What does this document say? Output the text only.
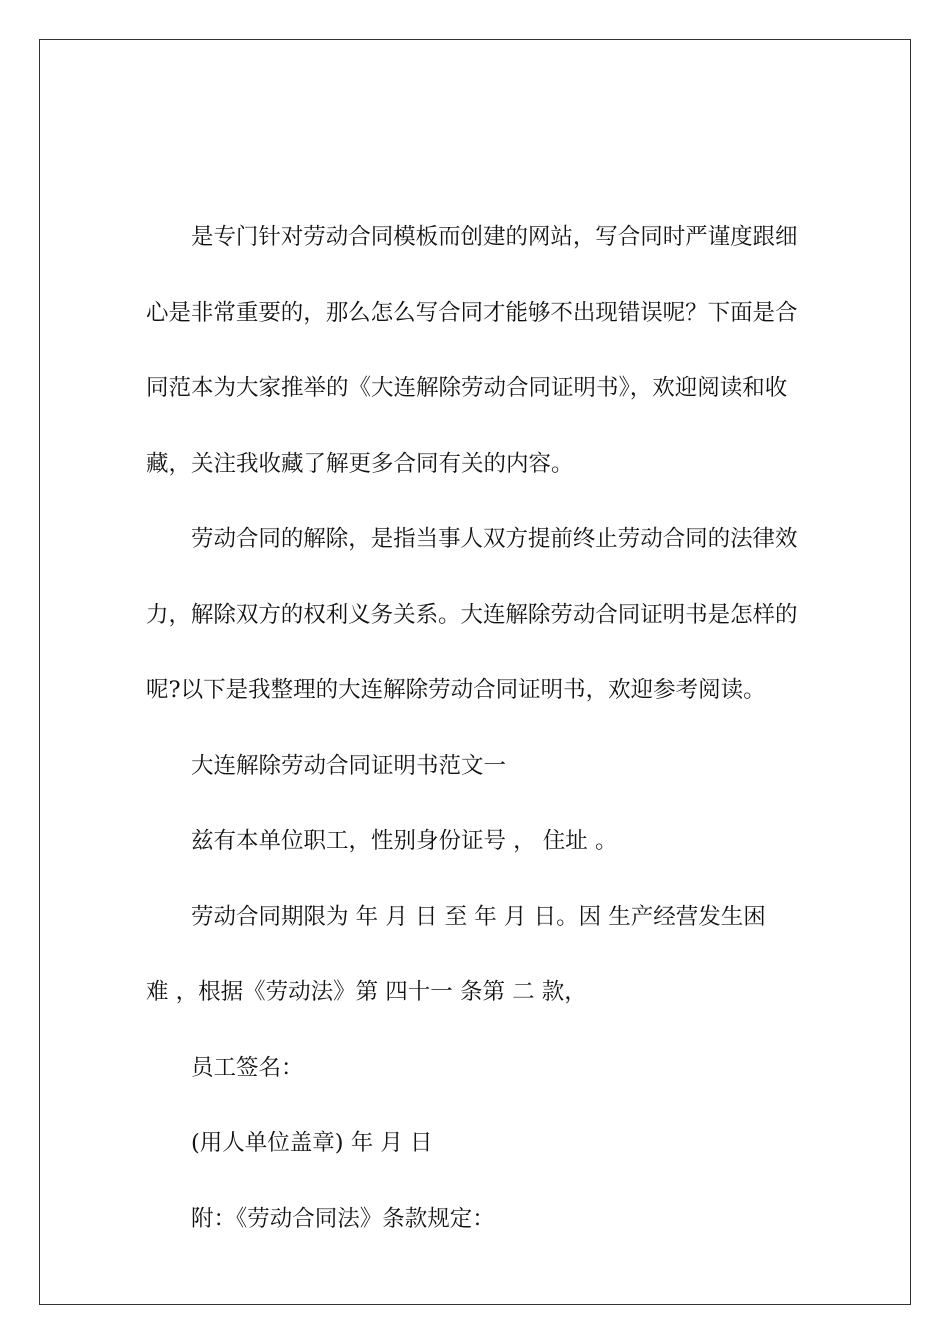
是专门针对劳动合同模板而创建的网站，写合同时严谨度跟细
心是非常重要的，那么怎么写合同才能够不出现错误呢？下面是合
同范本为大家推举的《大连解除劳动合同证明书》，欢迎阅读和收
藏，关注我收藏了解更多合同有关的内容。
劳动合同的解除，是指当事人双方提前终止劳动合同的法律效
力，解除双方的权利义务关系。大连解除劳动合同证明书是怎样的
呢?以下是我整理的大连解除劳动合同证明书，欢迎参考阅读。

大连解除劳动合同证明书范文一

兹有本单位职工，性别身份证号 ， 住址 。

劳动合同期限为 年 月 日 至 年 月 日。因 生产经营发生困
难 ，根据《劳动法》第 四十一 条第 二 款，

员工签名：

(用人单位盖章) 年 月 日

附：《劳动合同法》条款规定：
